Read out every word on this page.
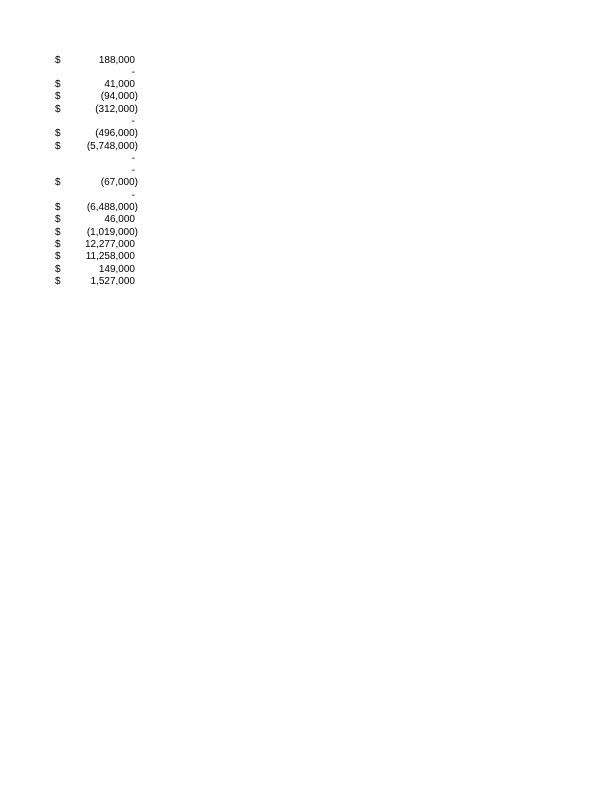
$	188,000
-
$	41,000
$	(94,000)
$	(312,000)
-
$	(496,000)
$	(5,748,000)
-
-
$	(67,000)
-
$	(6,488,000)
$	46,000
$	(1,019,000)
$ 12,277,000
$	11,258,000
$	149,000
$	1,527,000
